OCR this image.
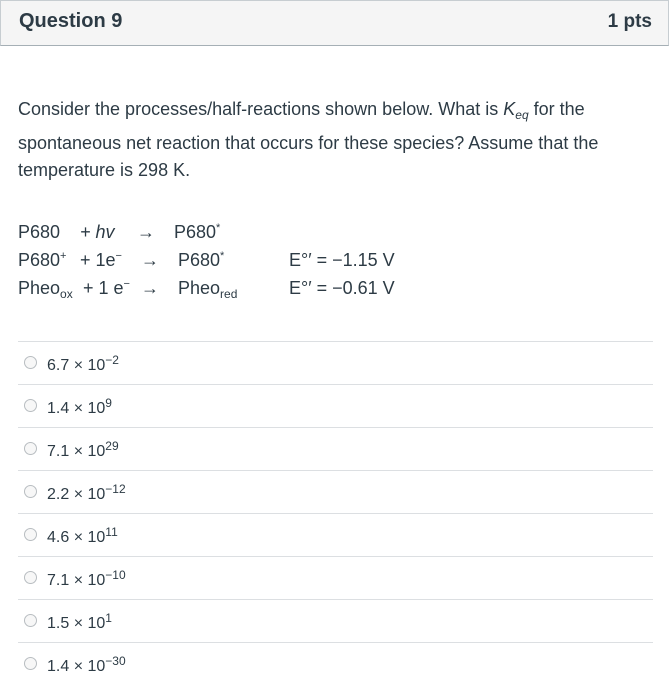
Question 9	1 pts
Consider the processes/half-reactions shown below. What is $K_{eq}$ for the spontaneous net reaction that occurs for these species? Assume that the temperature is 298 K.
P680 + hv → P680*
P680+ + 1e− → P680*	E°′ = −1.15 V
Pheo$_{ox}$ + 1 e− → Pheo$_{red}$	E°′ = −0.61 V
$6.7 \times 10^{-2}$
$1.4 \times 10^9$
$7.1 \times 10^{29}$
$2.2 \times 10^{-12}$
$4.6 \times 10^{11}$
$7.1 \times 10^{-10}$
$1.5 \times 10^1$
$1.4 \times 10^{-30}$
